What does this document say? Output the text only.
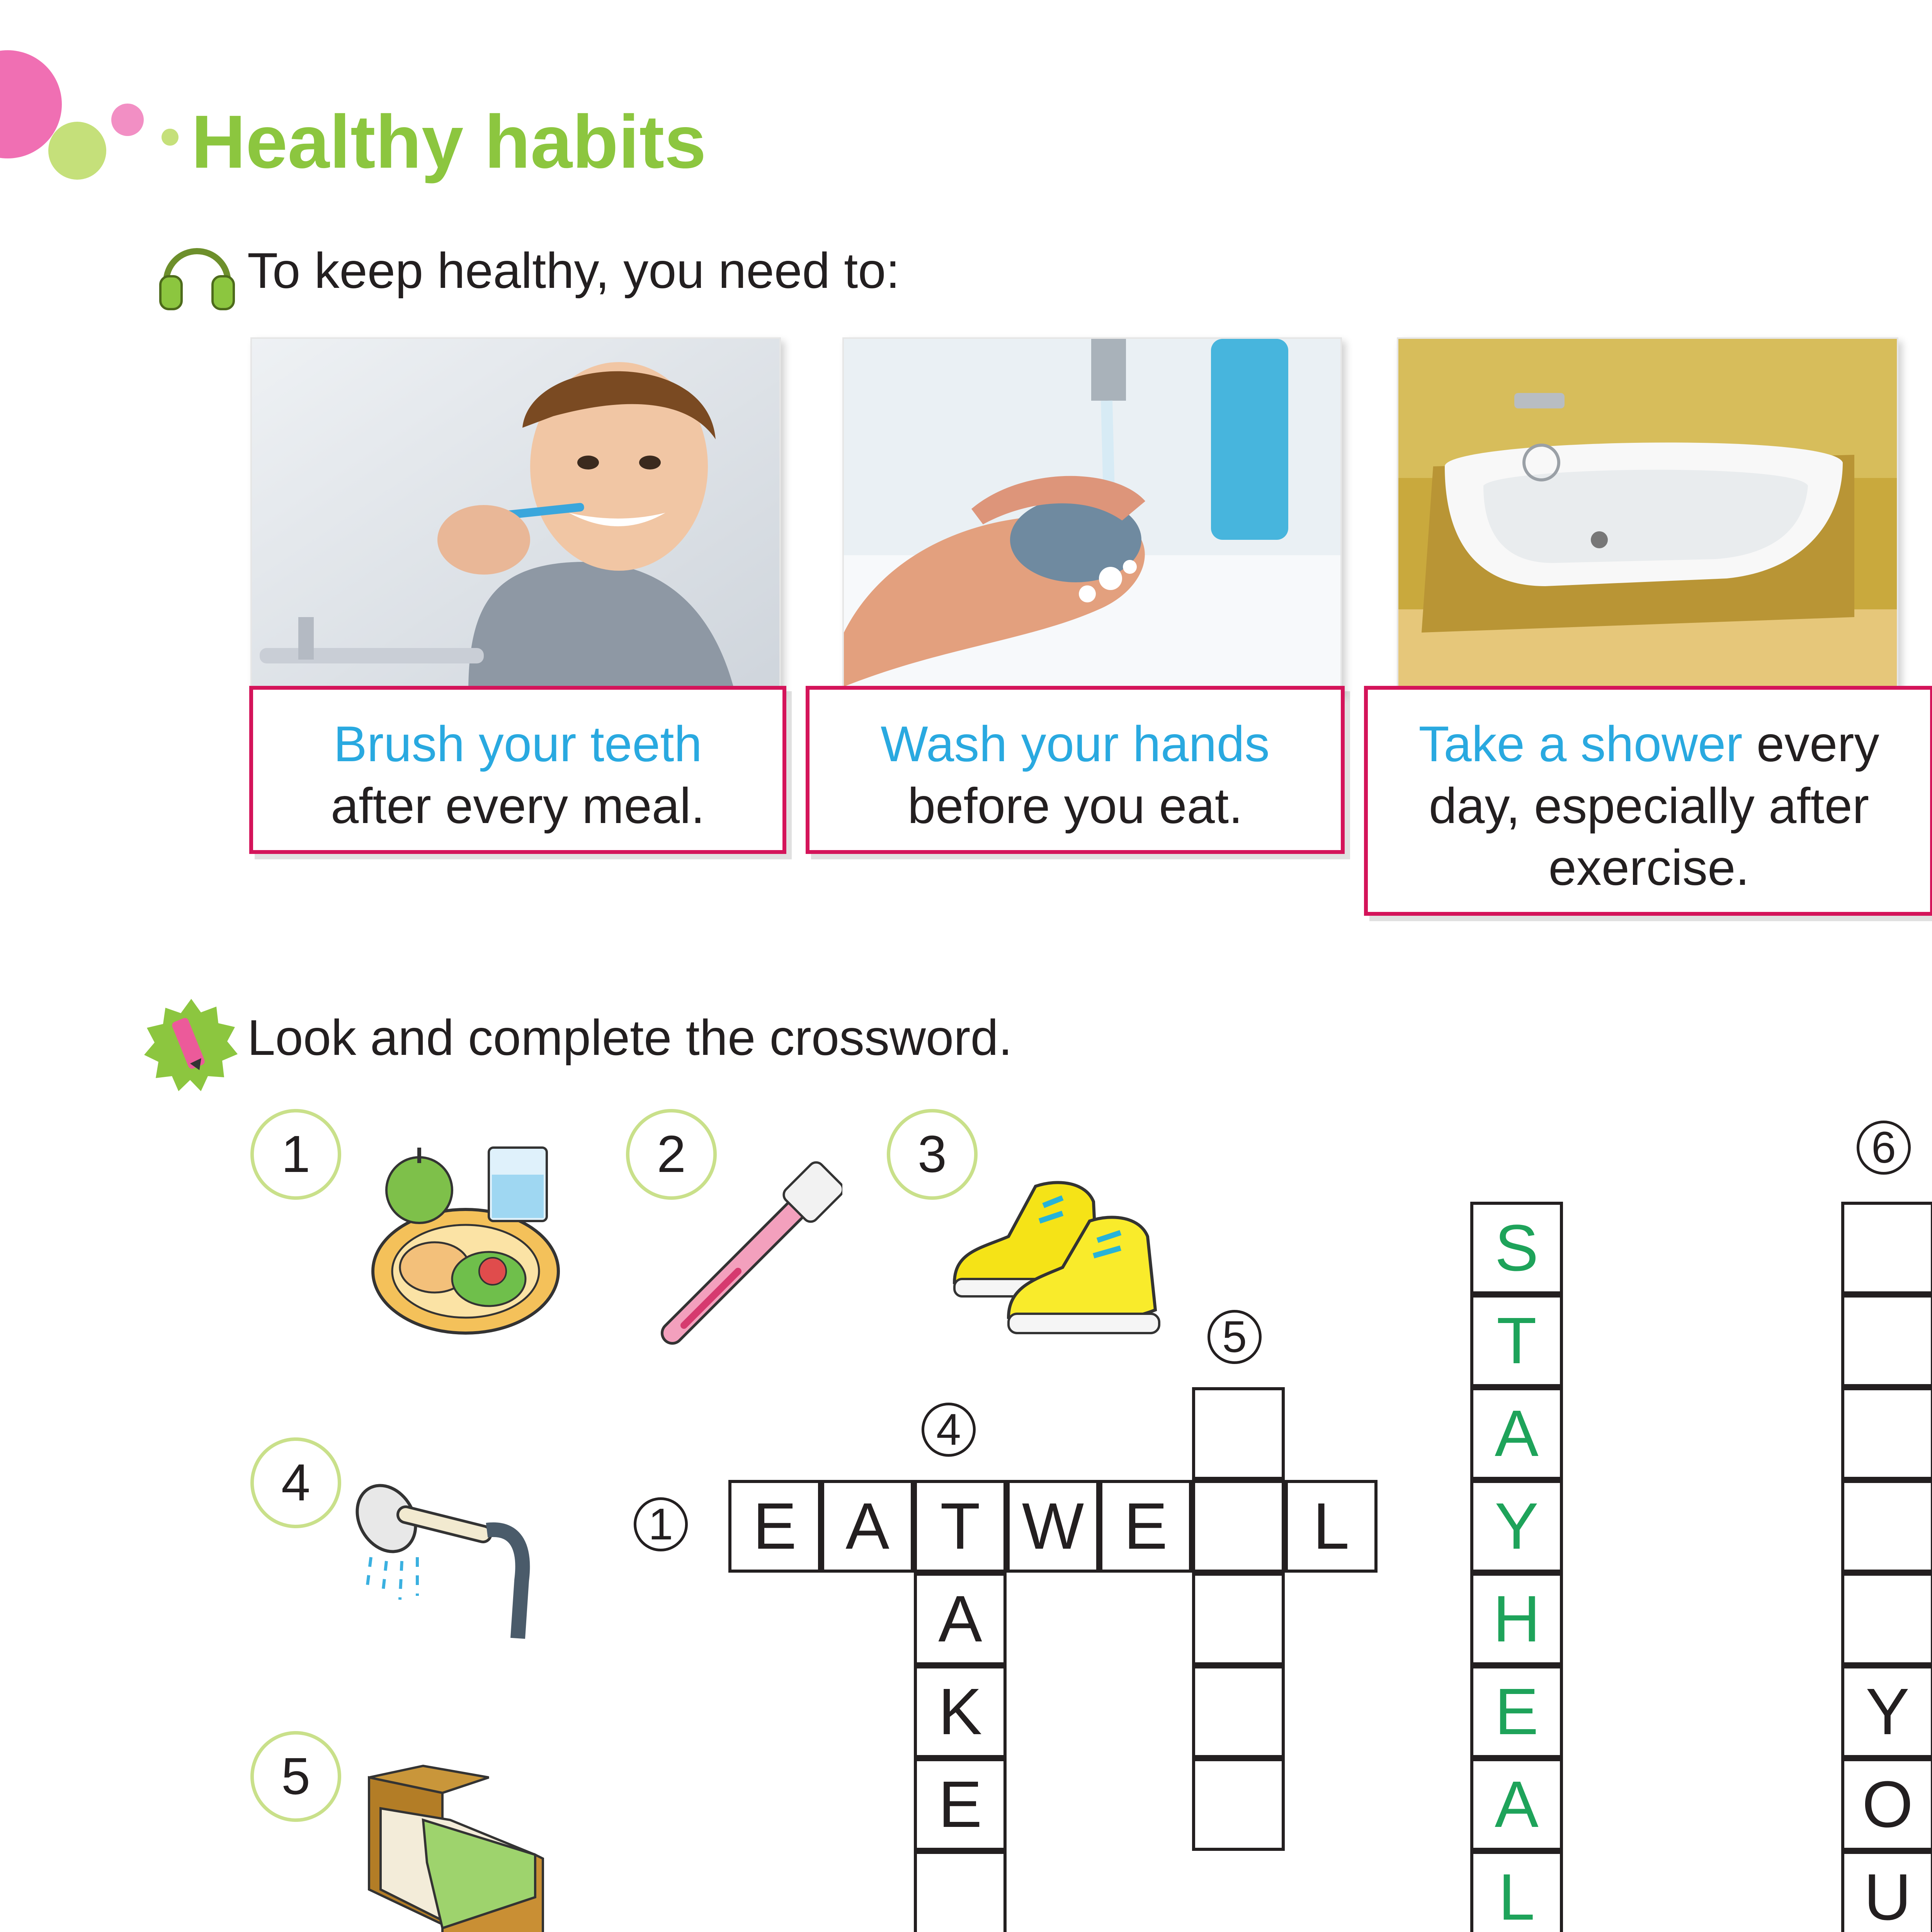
Healthy habits
To keep healthy, you need to:
Brush your teeth
after every meal.
Wash your hands
before you eat.
Take a shower every
day, especially after
exercise.
Look and complete the crossword.
1	2	3
4
5
1
4
5
6
E A T W E	L
A
K
E
S
T
A
Y
H
E
A
L
Y
O
U
